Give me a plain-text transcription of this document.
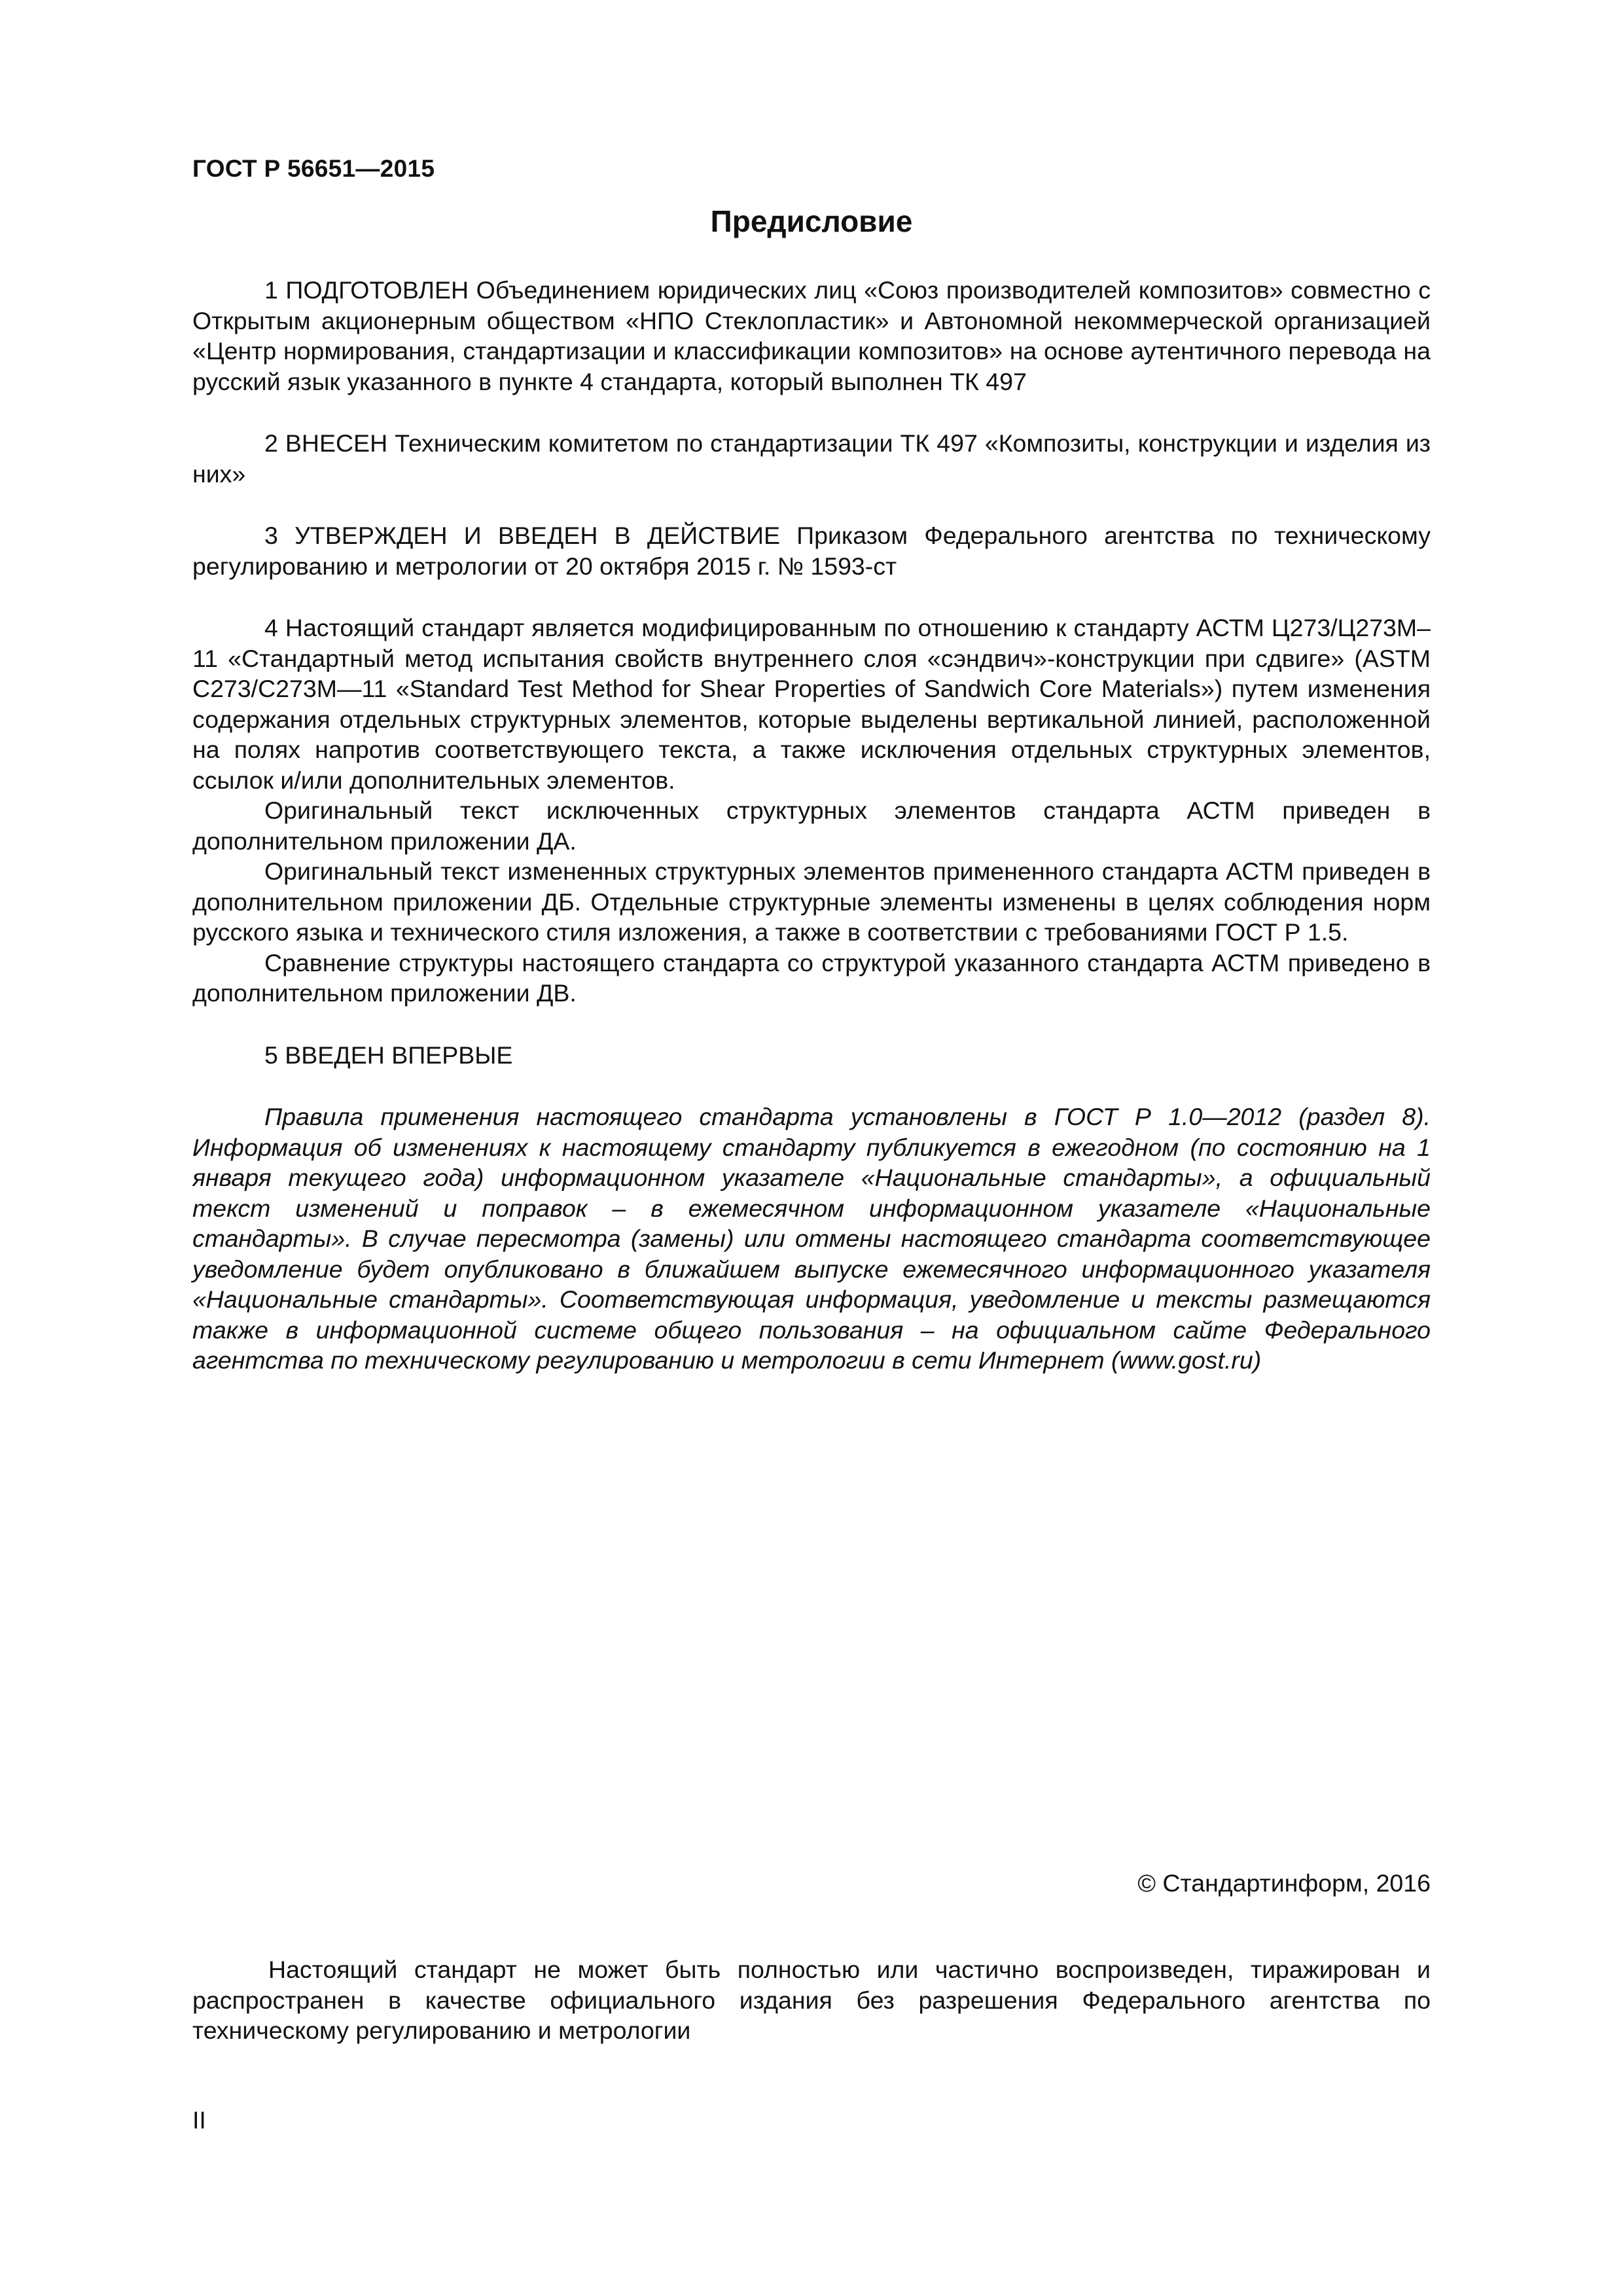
ГОСТ Р 56651—2015
Предисловие

1 ПОДГОТОВЛЕН Объединением юридических лиц «Союз производителей композитов» совместно с Открытым акционерным обществом «НПО Стеклопластик» и Автономной некоммерческой организацией «Центр нормирования, стандартизации и классификации композитов» на основе аутентичного перевода на русский язык указанного в пункте 4 стандарта, который выполнен ТК 497

2 ВНЕСЕН Техническим комитетом по стандартизации ТК 497 «Композиты, конструкции и изделия из них»

3 УТВЕРЖДЕН И ВВЕДЕН В ДЕЙСТВИЕ Приказом Федерального агентства по техническому регулированию и метрологии от 20 октября 2015 г. № 1593-ст

4 Настоящий стандарт является модифицированным по отношению к стандарту АСТМ Ц273/Ц273М–11 «Стандартный метод испытания свойств внутреннего слоя «сэндвич»-конструкции при сдвиге» (ASTM C273/C273M—11 «Standard Test Method for Shear Properties of Sandwich Core Materials») путем изменения содержания отдельных структурных элементов, которые выделены вертикальной линией, расположенной на полях напротив соответствующего текста, а также исключения отдельных структурных элементов, ссылок и/или дополнительных элементов.

Оригинальный текст исключенных структурных элементов стандарта АСТМ приведен в дополнительном приложении ДА.

Оригинальный текст измененных структурных элементов примененного стандарта АСТМ приведен в дополнительном приложении ДБ. Отдельные структурные элементы изменены в целях соблюдения норм русского языка и технического стиля изложения, а также в соответствии с требованиями ГОСТ Р 1.5.

Сравнение структуры настоящего стандарта со структурой указанного стандарта АСТМ приведено в дополнительном приложении ДВ.

5 ВВЕДЕН ВПЕРВЫЕ

Правила применения настоящего стандарта установлены в ГОСТ Р 1.0—2012 (раздел 8). Информация об изменениях к настоящему стандарту публикуется в ежегодном (по состоянию на 1 января текущего года) информационном указателе «Национальные стандарты», а официальный текст изменений и поправок – в ежемесячном информационном указателе «Национальные стандарты». В случае пересмотра (замены) или отмены настоящего стандарта соответствующее уведомление будет опубликовано в ближайшем выпуске ежемесячного информационного указателя «Национальные стандарты». Соответствующая информация, уведомление и тексты размещаются также в информационной системе общего пользования – на официальном сайте Федерального агентства по техническому регулированию и метрологии в сети Интернет (www.gost.ru)

© Стандартинформ, 2016
Настоящий стандарт не может быть полностью или частично воспроизведен, тиражирован и распространен в качестве официального издания без разрешения Федерального агентства по техническому регулированию и метрологии
II
